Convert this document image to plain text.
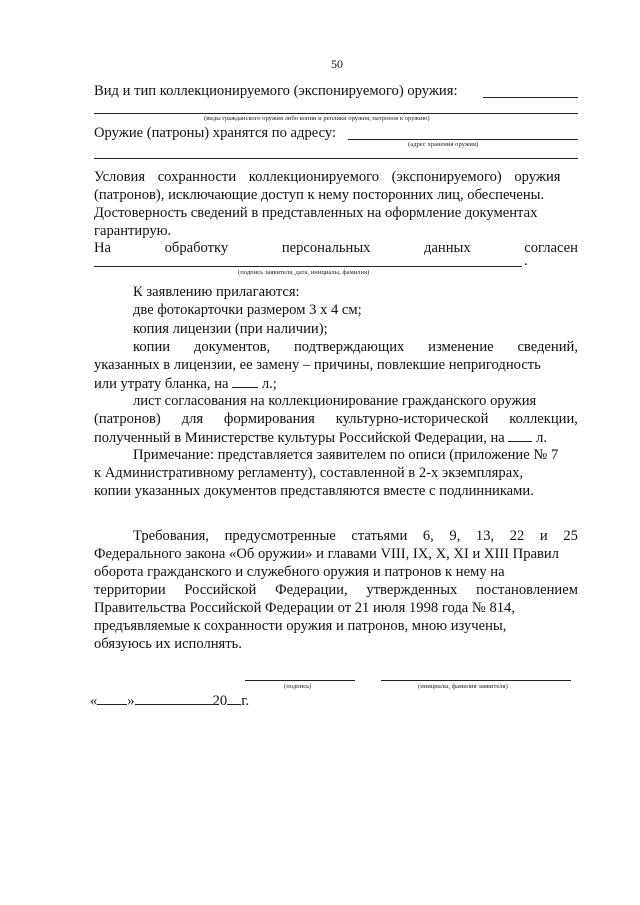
50
Вид и тип коллекционируемого (экспонируемого) оружия:
(виды гражданского оружия либо копии и реплики оружия, патронов к оружию)
Оружие (патроны) хранятся по адресу:
(адрес хранения оружия)
Условия сохранности коллекционируемого (экспонируемого) оружия
(патронов), исключающие доступ к нему посторонних лиц, обеспечены.
Достоверность сведений в представленных на оформление документах
гарантирую.
На	обработку	персональных	данных	согласен
.
(подпись заявителя, дата, инициалы, фамилия)
К заявлению прилагаются:
две фотокарточки размером 3 х 4 см;
копия лицензии (при наличии);
копии документов, подтверждающих изменение сведений,
указанных в лицензии, ее замену – причины, повлекшие непригодность
или утрату бланка, на л.;
лист согласования на коллекционирование гражданского оружия
(патронов) для формирования культурно-исторической коллекции,
полученный в Министерстве культуры Российской Федерации, на л.
Примечание: представляется заявителем по описи (приложение № 7
к Административному регламенту), составленной в 2-х экземплярах,
копии указанных документов представляются вместе с подлинниками.
Требования, предусмотренные статьями 6, 9, 13, 22 и 25
Федерального закона «Об оружии» и главами VIII, IX, X, XI и XIII Правил
оборота гражданского и служебного оружия и патронов к нему на
территории Российской Федерации, утвержденных постановлением
Правительства Российской Федерации от 21 июля 1998 года № 814,
предъявляемые к сохранности оружия и патронов, мною изучены,
обязуюсь их исполнять.
(подпись)	(инициалы, фамилия заявителя)
« »	20 г.
